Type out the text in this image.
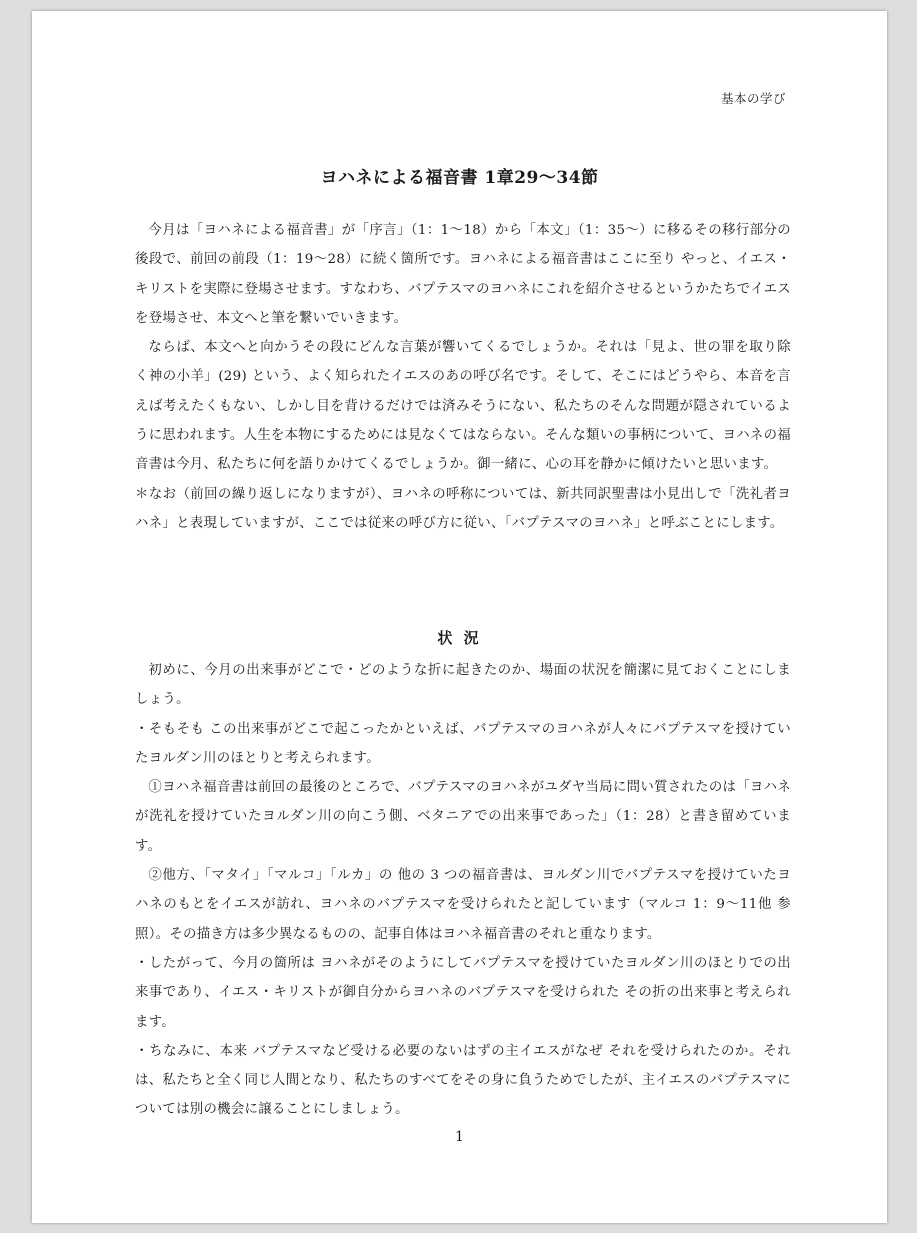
基本の学び
ヨハネによる福音書 1章29〜34節

今月は「ヨハネによる福音書」が「序言」（1：1〜18）から「本文」（1：35〜）に移るその移行部分の後段で、前回の前段（1：19〜28）に続く箇所です。ヨハネによる福音書はここに至り やっと、イエス・キリストを実際に登場させます。すなわち、バプテスマのヨハネにこれを紹介させるというかたちでイエスを登場させ、本文へと筆を繋いでいきます。

ならば、本文へと向かうその段にどんな言葉が響いてくるでしょうか。それは「見よ、世の罪を取り除く神の小羊」(29) という、よく知られたイエスのあの呼び名です。そして、そこにはどうやら、本音を言えば考えたくもない、しかし目を背けるだけでは済みそうにない、私たちのそんな問題が隠されているように思われます。人生を本物にするためには見なくてはならない。そんな類いの事柄について、ヨハネの福音書は今月、私たちに何を語りかけてくるでしょうか。御一緒に、心の耳を静かに傾けたいと思います。

＊なお（前回の繰り返しになりますが）、ヨハネの呼称については、新共同訳聖書は小見出しで「洗礼者ヨハネ」と表現していますが、ここでは従来の呼び方に従い、「バプテスマのヨハネ」と呼ぶことにします。

状 況

初めに、今月の出来事がどこで・どのような折に起きたのか、場面の状況を簡潔に見ておくことにしましょう。

・そもそも この出来事がどこで起こったかといえば、バプテスマのヨハネが人々にバプテスマを授けていたヨルダン川のほとりと考えられます。

①ヨハネ福音書は前回の最後のところで、バプテスマのヨハネがユダヤ当局に問い質されたのは「ヨハネが洗礼を授けていたヨルダン川の向こう側、ベタニアでの出来事であった」（1：28）と書き留めています。

②他方、「マタイ」「マルコ」「ルカ」の 他の 3 つの福音書は、ヨルダン川でバプテスマを授けていたヨハネのもとをイエスが訪れ、ヨハネのバプテスマを受けられたと記しています（マルコ 1：9〜11他 参照）。その描き方は多少異なるものの、記事自体はヨハネ福音書のそれと重なります。

・したがって、今月の箇所は ヨハネがそのようにしてバプテスマを授けていたヨルダン川のほとりでの出来事であり、イエス・キリストが御自分からヨハネのバプテスマを受けられた その折の出来事と考えられます。

・ちなみに、本来 バプテスマなど受ける必要のないはずの主イエスがなぜ それを受けられたのか。それは、私たちと全く同じ人間となり、私たちのすべてをその身に負うためでしたが、主イエスのバプテスマについては別の機会に譲ることにしましょう。

1
